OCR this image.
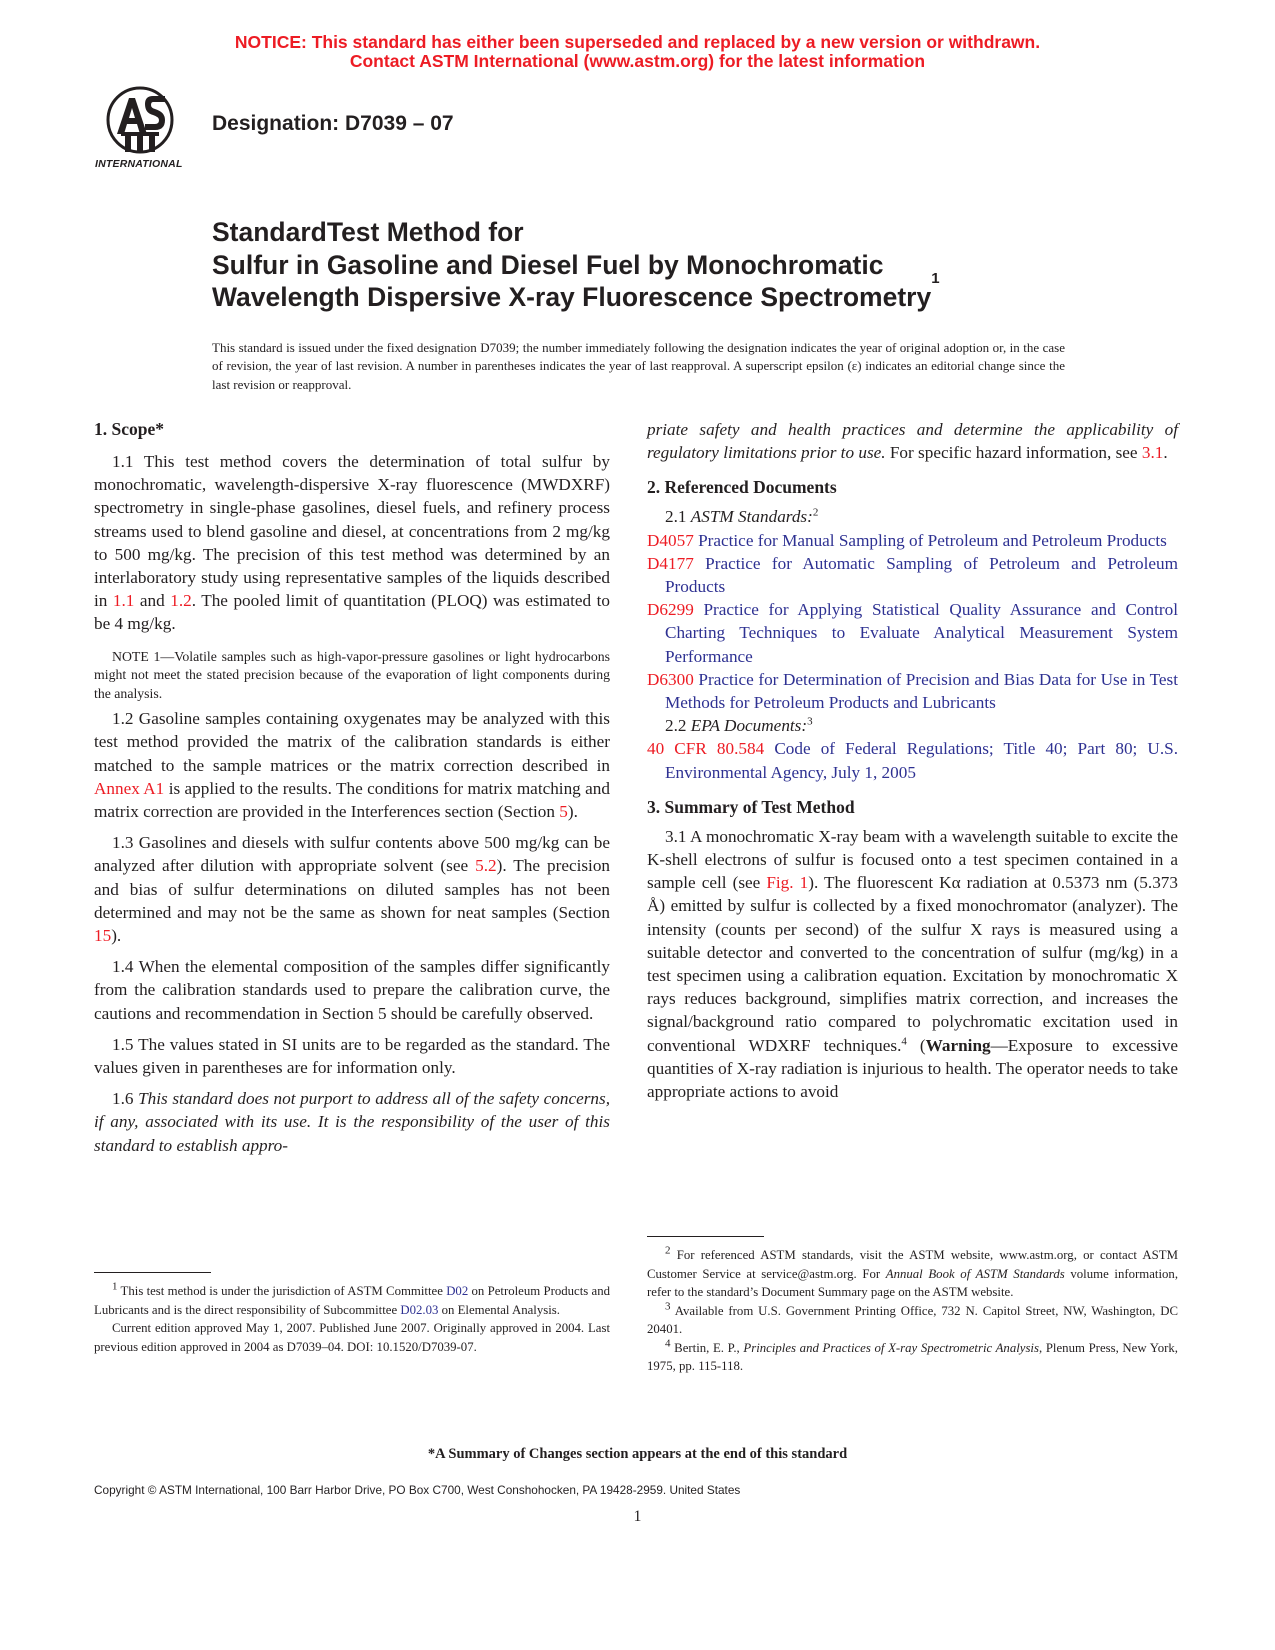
NOTICE: This standard has either been superseded and replaced by a new version or withdrawn.
Contact ASTM International (www.astm.org) for the latest information
INTERNATIONAL
Designation: D7039 – 07
StandardTest Method for
Sulfur in Gasoline and Diesel Fuel by Monochromatic
Wavelength Dispersive X-ray Fluorescence Spectrometry$^1$
This standard is issued under the fixed designation D7039; the number immediately following the designation indicates the year of original adoption or, in the case of revision, the year of last revision. A number in parentheses indicates the year of last reapproval. A superscript epsilon (ε) indicates an editorial change since the last revision or reapproval.
1. Scope*

1.1 This test method covers the determination of total sulfur by monochromatic, wavelength-dispersive X-ray fluorescence (MWDXRF) spectrometry in single-phase gasolines, diesel fuels, and refinery process streams used to blend gasoline and diesel, at concentrations from 2 mg/kg to 500 mg/kg. The precision of this test method was determined by an interlaboratory study using representative samples of the liquids described in 1.1 and 1.2. The pooled limit of quantitation (PLOQ) was estimated to be 4 mg/kg.

NOTE 1—Volatile samples such as high-vapor-pressure gasolines or light hydrocarbons might not meet the stated precision because of the evaporation of light components during the analysis.

1.2 Gasoline samples containing oxygenates may be analyzed with this test method provided the matrix of the calibration standards is either matched to the sample matrices or the matrix correction described in Annex A1 is applied to the results. The conditions for matrix matching and matrix correction are provided in the Interferences section (Section 5).

1.3 Gasolines and diesels with sulfur contents above 500 mg/kg can be analyzed after dilution with appropriate solvent (see 5.2). The precision and bias of sulfur determinations on diluted samples has not been determined and may not be the same as shown for neat samples (Section 15).

1.4 When the elemental composition of the samples differ significantly from the calibration standards used to prepare the calibration curve, the cautions and recommendation in Section 5 should be carefully observed.

1.5 The values stated in SI units are to be regarded as the standard. The values given in parentheses are for information only.

1.6 This standard does not purport to address all of the safety concerns, if any, associated with its use. It is the responsibility of the user of this standard to establish appro-

$^1$ This test method is under the jurisdiction of ASTM Committee D02 on Petroleum Products and Lubricants and is the direct responsibility of Subcommittee D02.03 on Elemental Analysis.

Current edition approved May 1, 2007. Published June 2007. Originally approved in 2004. Last previous edition approved in 2004 as D7039–04. DOI: 10.1520/D7039-07.

priate safety and health practices and determine the applicability of regulatory limitations prior to use. For specific hazard information, see 3.1.

2. Referenced Documents

2.1 ASTM Standards:$^2$

D4057 Practice for Manual Sampling of Petroleum and Petroleum Products

D4177 Practice for Automatic Sampling of Petroleum and Petroleum Products

D6299 Practice for Applying Statistical Quality Assurance and Control Charting Techniques to Evaluate Analytical Measurement System Performance

D6300 Practice for Determination of Precision and Bias Data for Use in Test Methods for Petroleum Products and Lubricants

2.2 EPA Documents:$^3$

40 CFR 80.584 Code of Federal Regulations; Title 40; Part 80; U.S. Environmental Agency, July 1, 2005

3. Summary of Test Method

3.1 A monochromatic X-ray beam with a wavelength suitable to excite the K-shell electrons of sulfur is focused onto a test specimen contained in a sample cell (see Fig. 1). The fluorescent Kα radiation at 0.5373 nm (5.373 Å) emitted by sulfur is collected by a fixed monochromator (analyzer). The intensity (counts per second) of the sulfur X rays is measured using a suitable detector and converted to the concentration of sulfur (mg/kg) in a test specimen using a calibration equation. Excitation by monochromatic X rays reduces background, simplifies matrix correction, and increases the signal/background ratio compared to polychromatic excitation used in conventional WDXRF techniques.$^4$ (Warning—Exposure to excessive quantities of X-ray radiation is injurious to health. The operator needs to take appropriate actions to avoid

$^2$ For referenced ASTM standards, visit the ASTM website, www.astm.org, or contact ASTM Customer Service at service@astm.org. For Annual Book of ASTM Standards volume information, refer to the standard’s Document Summary page on the ASTM website.

$^3$ Available from U.S. Government Printing Office, 732 N. Capitol Street, NW, Washington, DC 20401.

$^4$ Bertin, E. P., Principles and Practices of X-ray Spectrometric Analysis, Plenum Press, New York, 1975, pp. 115-118.

*A Summary of Changes section appears at the end of this standard
Copyright © ASTM International, 100 Barr Harbor Drive, PO Box C700, West Conshohocken, PA 19428-2959. United States
1
